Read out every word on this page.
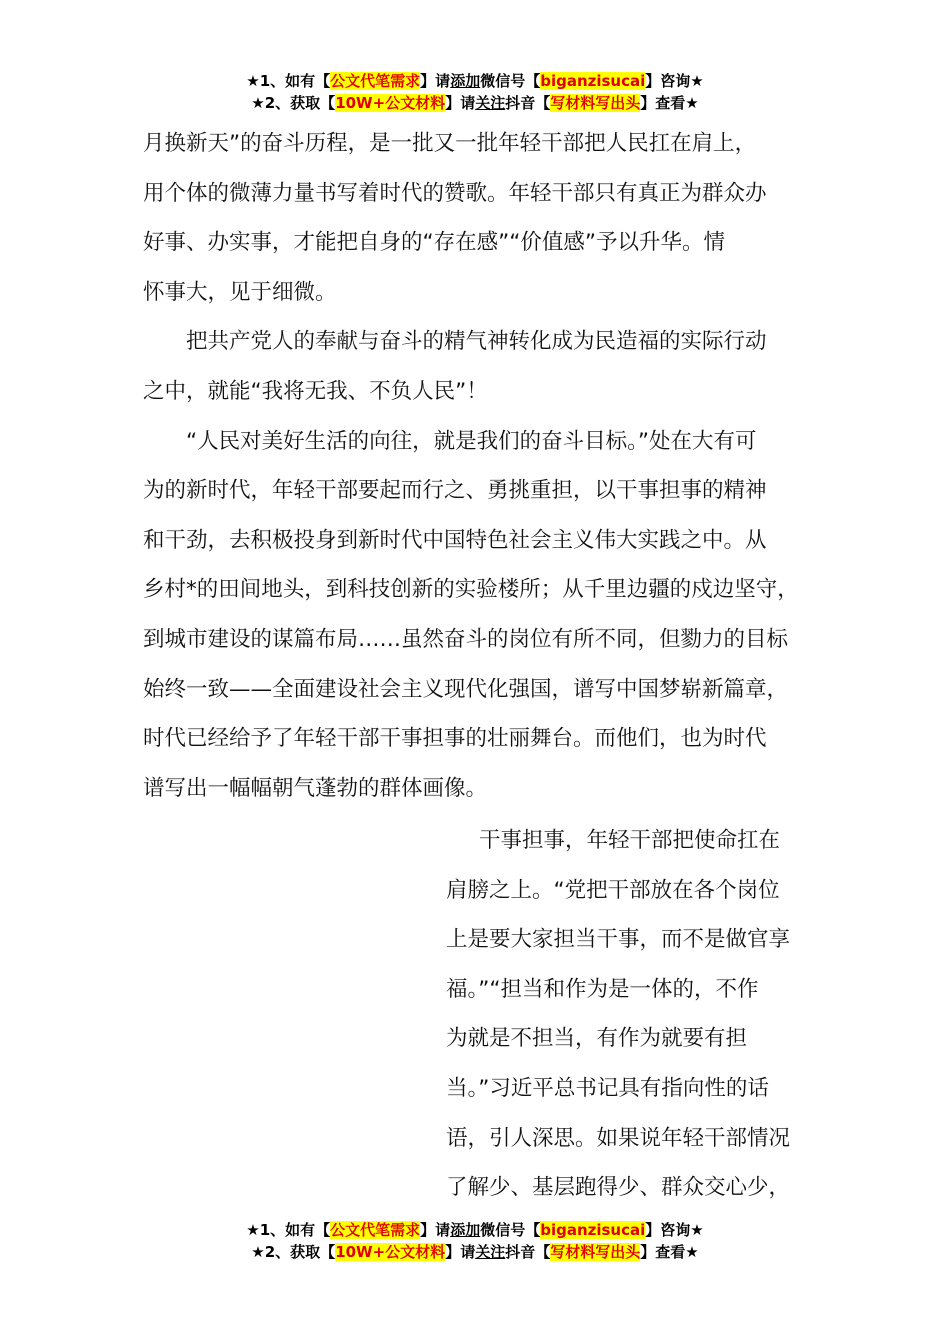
★1、如有【公文代笔需求】请添加微信号【biganzisucai】咨询★
★2、获取【10W+公文材料】请关注抖音【写材料写出头】查看★
月换新天”的奋斗历程，是一批又一批年轻干部把人民扛在肩上，
用个体的微薄力量书写着时代的赞歌。年轻干部只有真正为群众办
好事、办实事，才能把自身的“存在感”“价值感”予以升华。情
怀事大，见于细微。
把共产党人的奉献与奋斗的精气神转化成为民造福的实际行动
之中，就能“我将无我、不负人民”！
“人民对美好生活的向往，就是我们的奋斗目标。”处在大有可
为的新时代，年轻干部要起而行之、勇挑重担，以干事担事的精神
和干劲，去积极投身到新时代中国特色社会主义伟大实践之中。从
乡村*的田间地头，到科技创新的实验楼所；从千里边疆的戍边坚守，
到城市建设的谋篇布局……虽然奋斗的岗位有所不同，但勠力的目标
始终一致——全面建设社会主义现代化强国，谱写中国梦崭新篇章，
时代已经给予了年轻干部干事担事的壮丽舞台。而他们，也为时代
谱写出一幅幅朝气蓬勃的群体画像。
干事担事，年轻干部把使命扛在
肩膀之上。“党把干部放在各个岗位
上是要大家担当干事，而不是做官享
福。”“担当和作为是一体的，不作
为就是不担当，有作为就要有担
当。”习近平总书记具有指向性的话
语，引人深思。如果说年轻干部情况
了解少、基层跑得少、群众交心少，
★1、如有【公文代笔需求】请添加微信号【biganzisucai】咨询★
★2、获取【10W+公文材料】请关注抖音【写材料写出头】查看★
